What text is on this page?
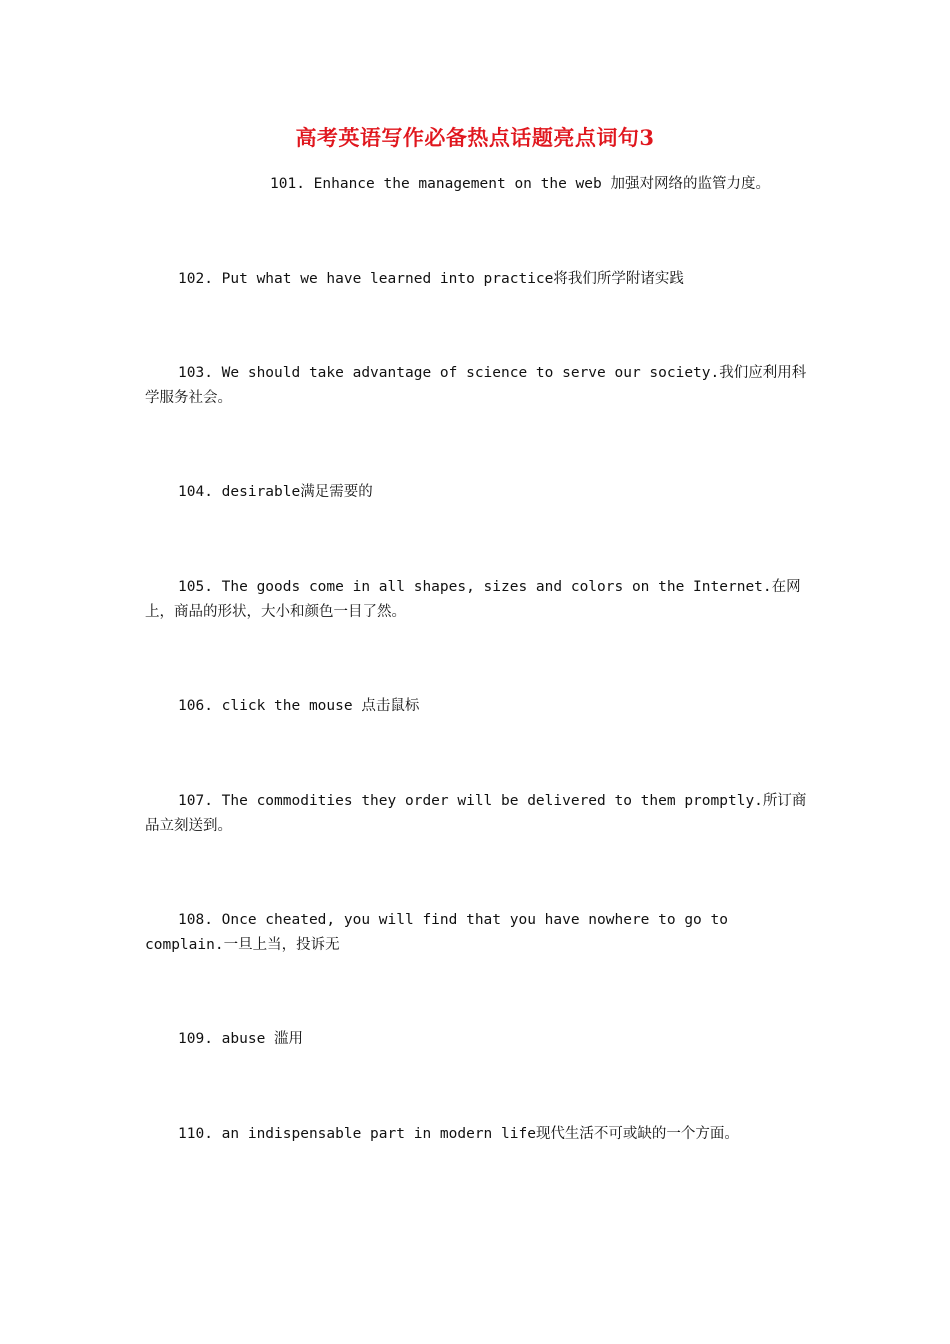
高考英语写作必备热点话题亮点词句3

101. Enhance the management on the web 加强对网络的监管力度。

102. Put what we have learned into practice将我们所学附诸实践

103. We should take advantage of science to serve our society.我们应利用科学服务社会。

104. desirable满足需要的

105. The goods come in all shapes, sizes and colors on the Internet.在网上，商品的形状，大小和颜色一目了然。

106. click the mouse 点击鼠标

107. The commodities they order will be delivered to them promptly.所订商品立刻送到。

108. Once cheated, you will find that you have nowhere to go to complain.一旦上当，投诉无

109. abuse 滥用

110. an indispensable part in modern life现代生活不可或缺的一个方面。
